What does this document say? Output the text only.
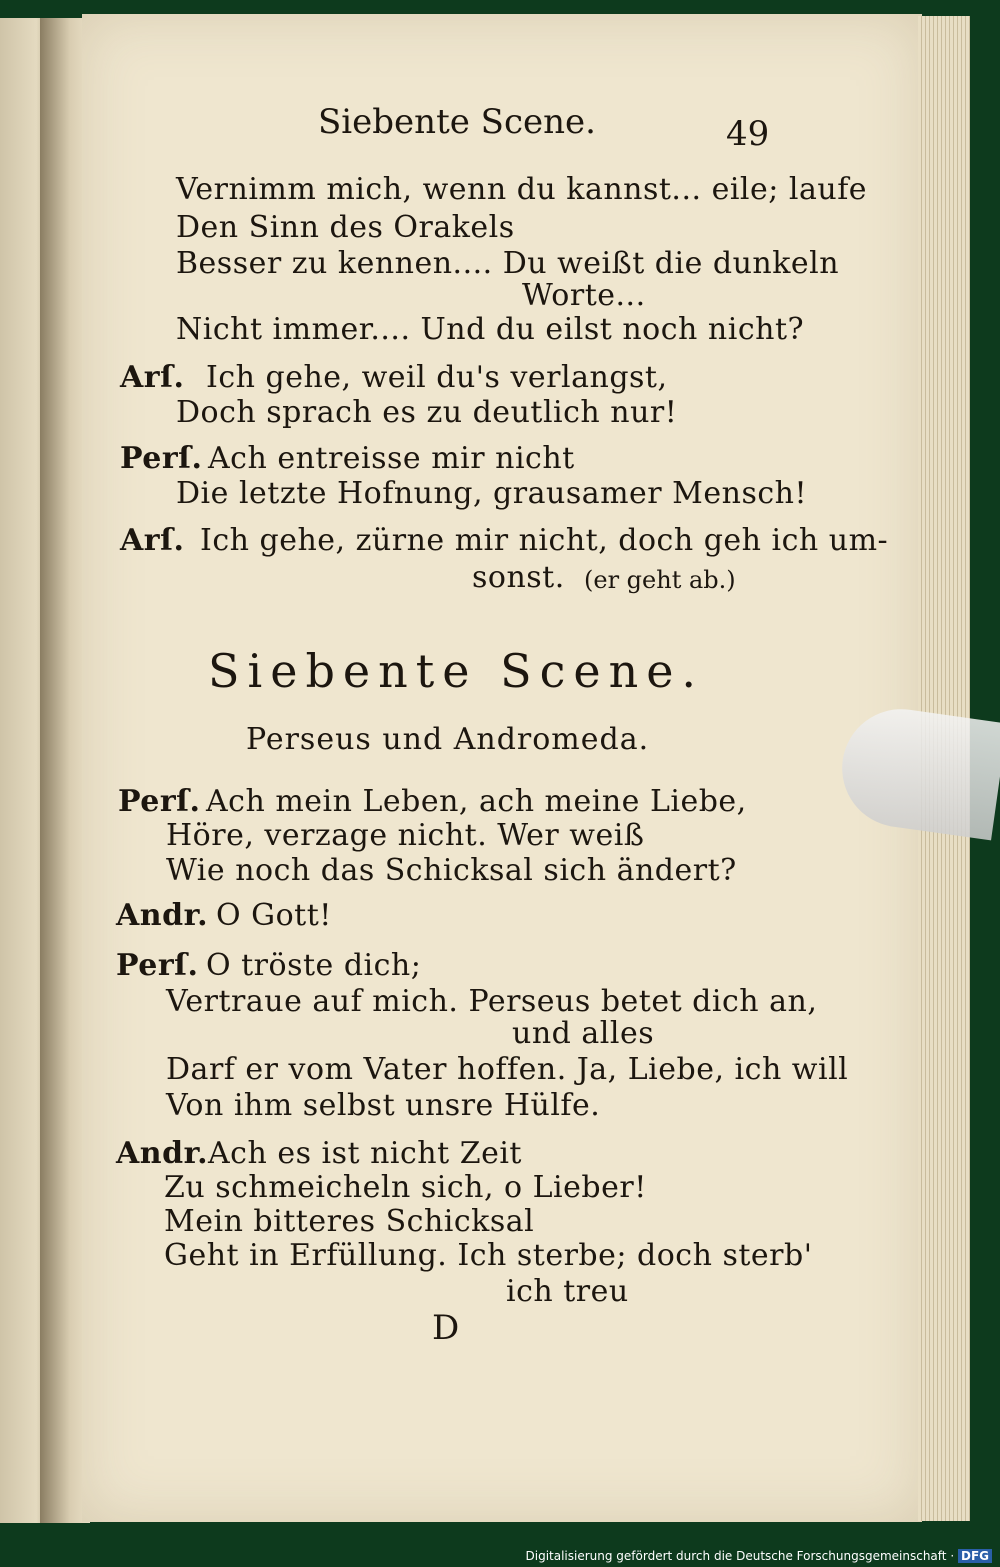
Siebente Scene.	49
Vernimm mich, wenn du kannst... eile; laufe
Den Sinn des Orakels
Besser zu kennen.... Du weißt die dunkeln
Worte...
Nicht immer.... Und du eilst noch nicht?
Arſ. Ich gehe, weil du's verlangst,
Doch sprach es zu deutlich nur!
Perſ. Ach entreisse mir nicht
Die letzte Hofnung, grausamer Mensch!
Arſ. Ich gehe, zürne mir nicht, doch geh ich um-
sonst. (er geht ab.)
Siebente Scene.
Perseus und Andromeda.
Perſ. Ach mein Leben, ach meine Liebe,
Höre, verzage nicht. Wer weiß
Wie noch das Schicksal sich ändert?
Andr. O Gott!
Perſ. O tröste dich;
Vertraue auf mich. Perseus betet dich an,
und alles
Darf er vom Vater hoffen. Ja, Liebe, ich will
Von ihm selbst unsre Hülfe.
Andr. Ach es ist nicht Zeit
Zu schmeicheln sich, o Lieber!
Mein bitteres Schicksal
Geht in Erfüllung. Ich sterbe; doch sterb'
ich treu
D
Digitalisierung gefördert durch die Deutsche Forschungsgemeinschaft · DFG
